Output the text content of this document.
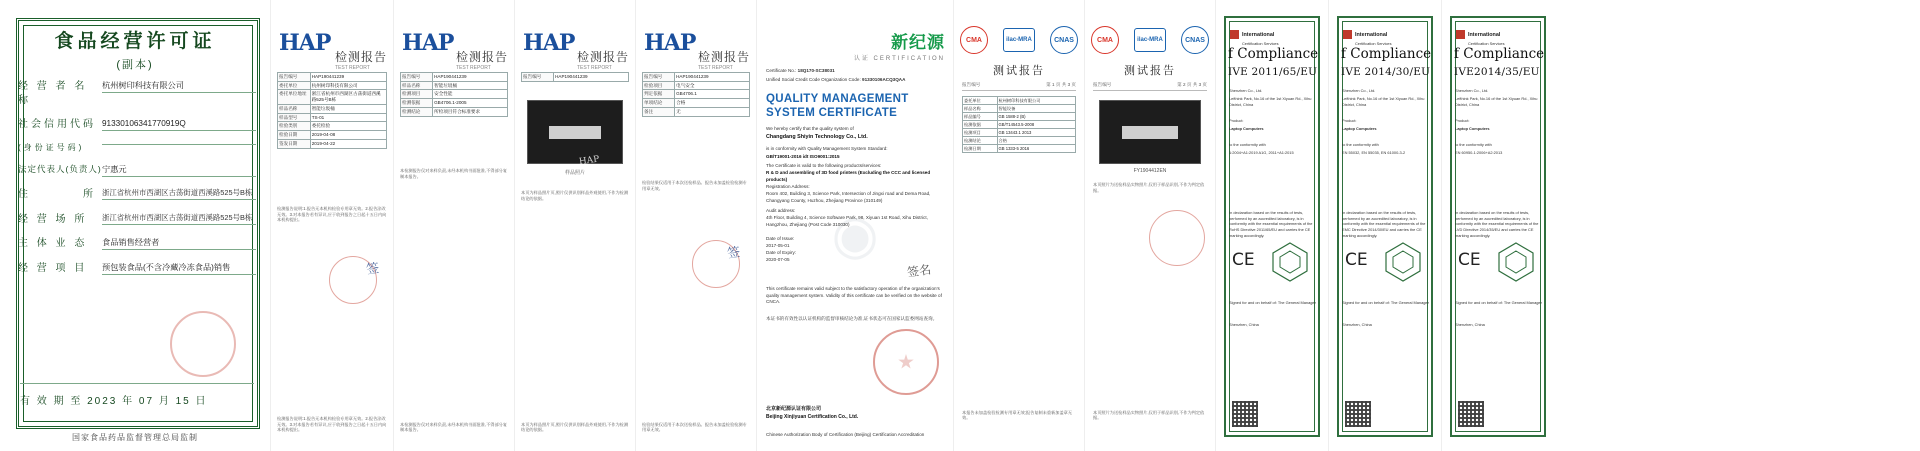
食品经营许可证
(副本)
经 营 者 名 称
杭州树印科技有限公司
社会信用代码 91330106341770919Q
(身份证号码)
法定代表人(负责人) 宁惠元
住　　　　所 浙江省杭州市西湖区古荡街道西溪路525号B栋
经 营 场 所	浙江省杭州市西湖区古荡街道西溪路525号B栋
主 体 业 态	食品销售经营者
经 营 项 目	预包装食品(不含冷藏冷冻食品)销售
有 效 期 至 2023 年 07 月 15 日
国家食品药品监督管理总局监制
HAP
检测报告
TEST REPORT
报告编号	HAP190441239
委托单位	杭州树印科技有限公司
委托单位地址	浙江省杭州市西湖区古荡街道西溪路525号B栋
样品名称	智能垃圾桶
样品型号	TS-01
检验类别	委托检验
检验日期	2019-04-08
签发日期	2019-04-22
检测报告说明:1.报告无本机构检验专用章无效。2.报告涂改无效。3.对本报告若有异议,应于收到报告之日起十五日内向本机构提出。
签
检测报告说明:1.报告无本机构检验专用章无效。2.报告涂改无效。3.对本报告若有异议,应于收到报告之日起十五日内向本机构提出。
HAP
检测报告
TEST REPORT
报告编号	HAP190441239
样品名称	智能垃圾桶
检测项目	安全性能
检测依据	GB4706.1-2005
检测结论	所检项目符合标准要求
本检测报告仅对来样负责,未经本机构书面批准,不得部分复制本报告。
本检测报告仅对来样负责,未经本机构书面批准,不得部分复制本报告。
HAP
检测报告
TEST REPORT
报告编号	HAP190441239
样品照片
HAP
本页为样品照片页,照片仅供识别样品外观使用,不作为检测结论的依据。
本页为样品照片页,照片仅供识别样品外观使用,不作为检测结论的依据。
HAP
检测报告
TEST REPORT
报告编号	HAP190441239
检验项目	电气安全
判定依据	GB4706.1
单项结论	合格
备注	无
检验结果仅适用于本次送检样品。报告未加盖检验检测专用章无效。
签
检验结果仅适用于本次送检样品。报告未加盖检验检测专用章无效。
◉
新纪源
认证 CERTIFICATION
Certificate No.: 18Q170-SC38031
Unified Social Credit Code Organization Code: 91330106ACQ3QAA
QUALITY MANAGEMENT
SYSTEM CERTIFICATE
We hereby certify that the quality system of
Changdang Shiyin Technology Co., Ltd.
is in conformity with Quality Management System Standard:
GB/T19001-2016 idt ISO9001:2015
The Certificate is valid to the following products/services:
R & D and assembling of 3D food printers (Excluding the CCC and licensed products)
Registration Address:
Room 402, Building 3, Science Park, Intersection of Jingxi road and Dema Road, Changyang County, Huzhou, Zhejiang Province (310149)
Audit address:
4th Floor, Building 4, Science Software Park, 98, Xiyuan 1st Road, Xihu District, Hangzhou, Zhejiang (Post Code 310030)
Date of Issue:
2017-05-01
Date of Expiry:
2020-07-05
签名
This certificate remains valid subject to the satisfactory operation of the organization's quality management system. Validity of this certificate can be verified on the website of CNCA.
本证书的有效性以认证机构的监督审核结论为准,证书状态可在国家认监委网站查询。
北京新纪源认证有限公司
Beijing Xinjiyuan Certification Co., Ltd.
Chinese Authorization Body of Certification (Beijing) Certification Accreditation
CMA	ilac-MRA	CNAS
测试报告
报告编号	第 1 页 共 3 页
委托单位	杭州树印科技有限公司
样品名称	智能设备
样品编号	GB 1588-2 (B)
检测依据	GB/T14543.5-2008
检测项目	GB 13443.1 2013
检测结论	合格
检测日期	GB 1333-5 2016
本报告未加盖检验检测专用章无效;报告复制未重新加盖章无效。
CMA	ilac-MRA	CNAS
测试报告
报告编号	第 2 页 共 3 页
FY1904412EN
本页照片为送检样品实物照片,仅用于样品识别,不作为判定依据。
本页照片为送检样品实物照片,仅用于样品识别,不作为判定依据。
International
Certification Services
f Compliance
IVE 2011/65/EU
Shenzhen Co., Ltd.
Lefthink Park, No.16 of the 1st Xiyuan Rd., Xihu District, China
Product:
Laptop Computers
to the conformity with
1:2004+A1:2019 A1G, 2011+A1:2015
In declaration based on the results of tests, performed by an accredited laboratory, is in conformity with the essential requirements of the RoHS Directive 2011/65/EU and carries the CE marking accordingly.
CE
Signed for and on behalf of: The General Manager
Shenzhen, China
International
Certification Services
f Compliance
IVE 2014/30/EU
Shenzhen Co., Ltd.
Lefthink Park, No.16 of the 1st Xiyuan Rd., Xihu District, China
Product:
Laptop Computers
to the conformity with
EN 55032, EN 55035, EN 61000-3-2
In declaration based on the results of tests, performed by an accredited laboratory, is in conformity with the essential requirements of the EMC Directive 2014/30/EU and carries the CE marking accordingly.
CE
Signed for and on behalf of: The General Manager
Shenzhen, China
International
Certification Services
f Compliance
IVE2014/35/EU
Shenzhen Co., Ltd.
Lefthink Park, No.16 of the 1st Xiyuan Rd., Xihu District, China
Product:
Laptop Computers
to the conformity with
EN 60950-1:2006+A2:2013
In declaration based on the results of tests, performed by an accredited laboratory, is in conformity with the essential requirements of the LVD Directive 2014/35/EU and carries the CE marking accordingly.
CE
Signed for and on behalf of: The General Manager
Shenzhen, China
